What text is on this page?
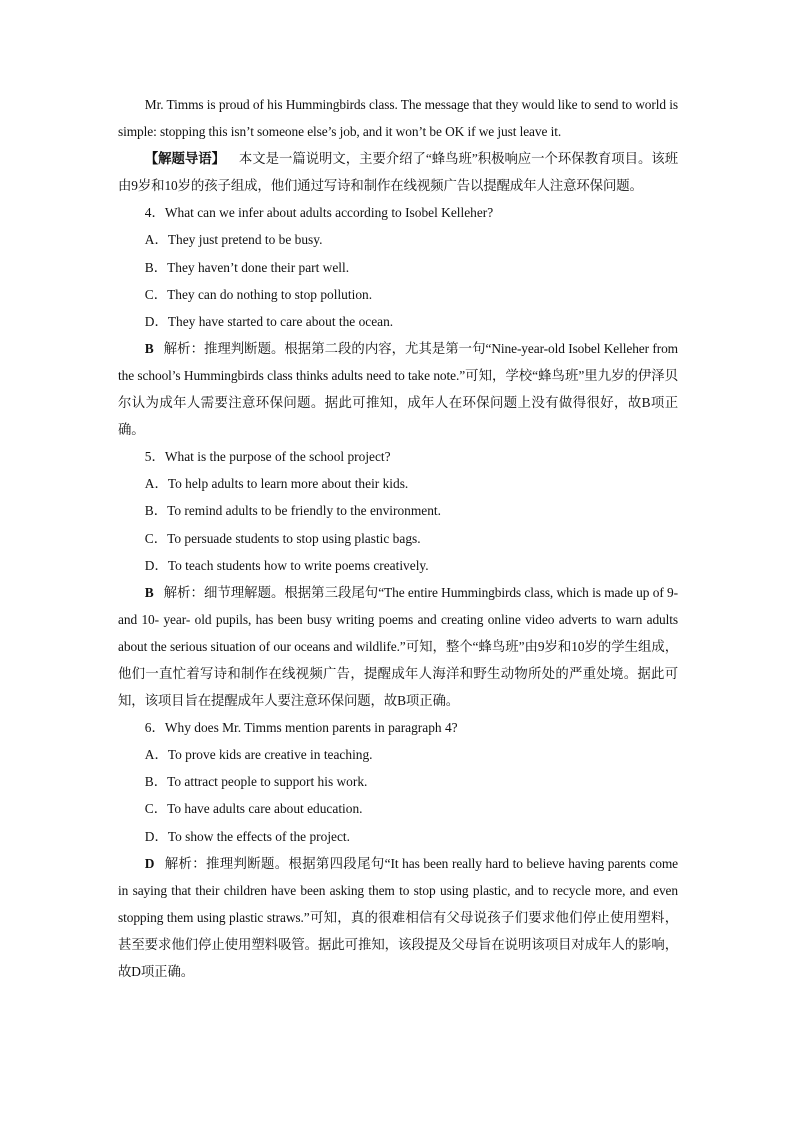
Mr. Timms is proud of his Hummingbirds class. The message that they would like to send to world is simple: stopping this isn’t someone else’s job, and it won’t be OK if we just leave it.

【解题导语】 本文是一篇说明文，主要介绍了“蜂鸟班”积极响应一个环保教育项目。该班由9岁和10岁的孩子组成，他们通过写诗和制作在线视频广告以提醒成年人注意环保问题。

4．What can we infer about adults according to Isobel Kelleher?

A．They just pretend to be busy.

B．They haven’t done their part well.

C．They can do nothing to stop pollution.

D．They have started to care about the ocean.

B 解析：推理判断题。根据第二段的内容，尤其是第一句“Nine-year-old Isobel Kelleher from the school’s Hummingbirds class thinks adults need to take note.”可知，学校“蜂鸟班”里九岁的伊泽贝尔认为成年人需要注意环保问题。据此可推知，成年人在环保问题上没有做得很好，故B项正确。

5．What is the purpose of the school project?

A．To help adults to learn more about their kids.

B．To remind adults to be friendly to the environment.

C．To persuade students to stop using plastic bags.

D．To teach students how to write poems creatively.

B 解析：细节理解题。根据第三段尾句“The entire Hummingbirds class, which is made up of 9- and 10- year- old pupils, has been busy writing poems and creating online video adverts to warn adults about the serious situation of our oceans and wildlife.”可知，整个“蜂鸟班”由9岁和10岁的学生组成，他们一直忙着写诗和制作在线视频广告，提醒成年人海洋和野生动物所处的严重处境。据此可知，该项目旨在提醒成年人要注意环保问题，故B项正确。

6．Why does Mr. Timms mention parents in paragraph 4?

A．To prove kids are creative in teaching.

B．To attract people to support his work.

C．To have adults care about education.

D．To show the effects of the project.

D 解析：推理判断题。根据第四段尾句“It has been really hard to believe having parents come in saying that their children have been asking them to stop using plastic, and to recycle more, and even stopping them using plastic straws.”可知，真的很难相信有父母说孩子们要求他们停止使用塑料，甚至要求他们停止使用塑料吸管。据此可推知，该段提及父母旨在说明该项目对成年人的影响，故D项正确。
